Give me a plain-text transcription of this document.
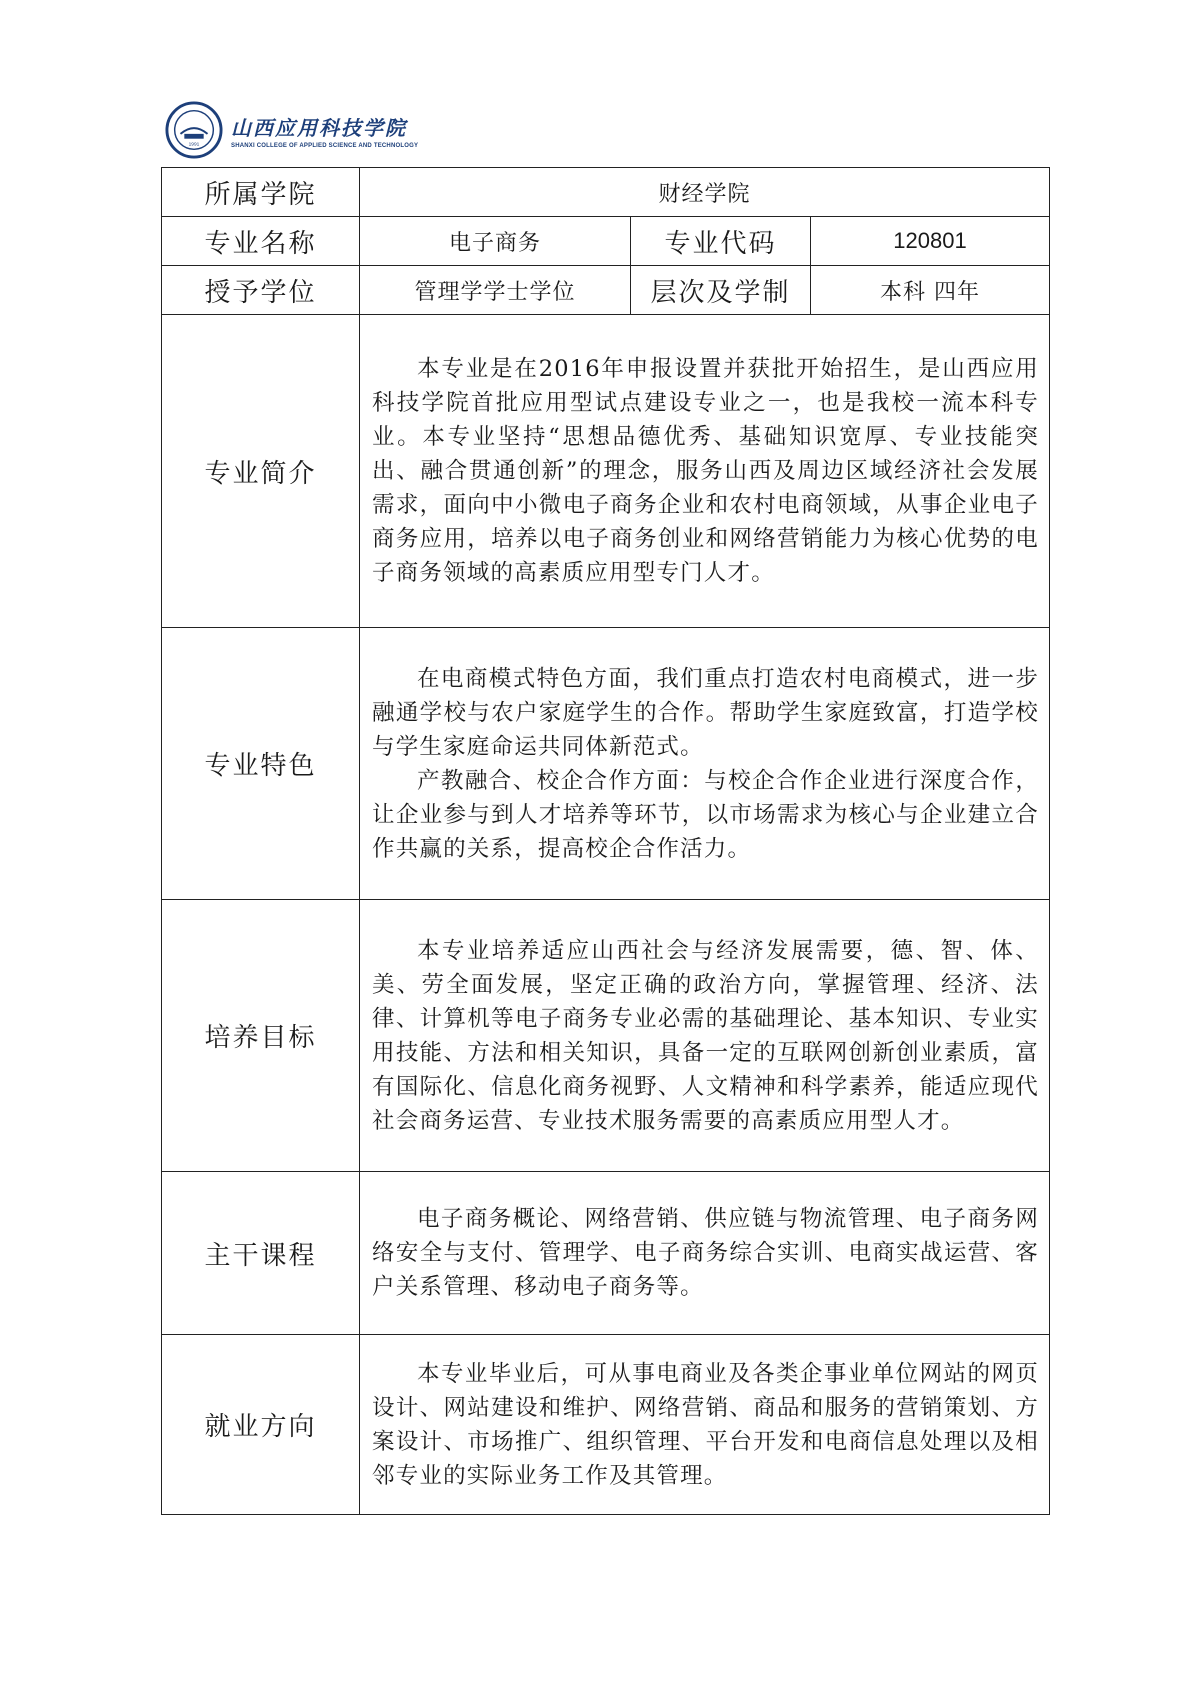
1991
山西应用科技学院
SHANXI COLLEGE OF APPLIED SCIENCE AND TECHNOLOGY
所属学院	财经学院		
专业名称	电子商务	专业代码	120801
授予学位	管理学学士学位	层次及学制	本科 四年
专业简介	本专业是在2016年申报设置并获批开始招生，是山西应用科技学院首批应用型试点建设专业之一，也是我校一流本科专业。本专业坚持“思想品德优秀、基础知识宽厚、专业技能突出、融合贯通创新”的理念，服务山西及周边区域经济社会发展需求，面向中小微电子商务企业和农村电商领域，从事企业电子商务应用，培养以电子商务创业和网络营销能力为核心优势的电子商务领域的高素质应用型专门人才。		

专业特色	在电商模式特色方面，我们重点打造农村电商模式，进一步融通学校与农户家庭学生的合作。帮助学生家庭致富，打造学校与学生家庭命运共同体新范式。

产教融合、校企合作方面：与校企合作企业进行深度合作，让企业参与到人才培养等环节，以市场需求为核心与企业建立合作共赢的关系，提高校企合作活力。		

培养目标	本专业培养适应山西社会与经济发展需要，德、智、体、美、劳全面发展，坚定正确的政治方向，掌握管理、经济、法律、计算机等电子商务专业必需的基础理论、基本知识、专业实用技能、方法和相关知识，具备一定的互联网创新创业素质，富有国际化、信息化商务视野、人文精神和科学素养，能适应现代社会商务运营、专业技术服务需要的高素质应用型人才。		

主干课程	电子商务概论、网络营销、供应链与物流管理、电子商务网络安全与支付、管理学、电子商务综合实训、电商实战运营、客户关系管理、移动电子商务等。		

就业方向	本专业毕业后，可从事电商业及各类企事业单位网站的网页设计、网站建设和维护、网络营销、商品和服务的营销策划、方案设计、市场推广、组织管理、平台开发和电商信息处理以及相邻专业的实际业务工作及其管理。		
